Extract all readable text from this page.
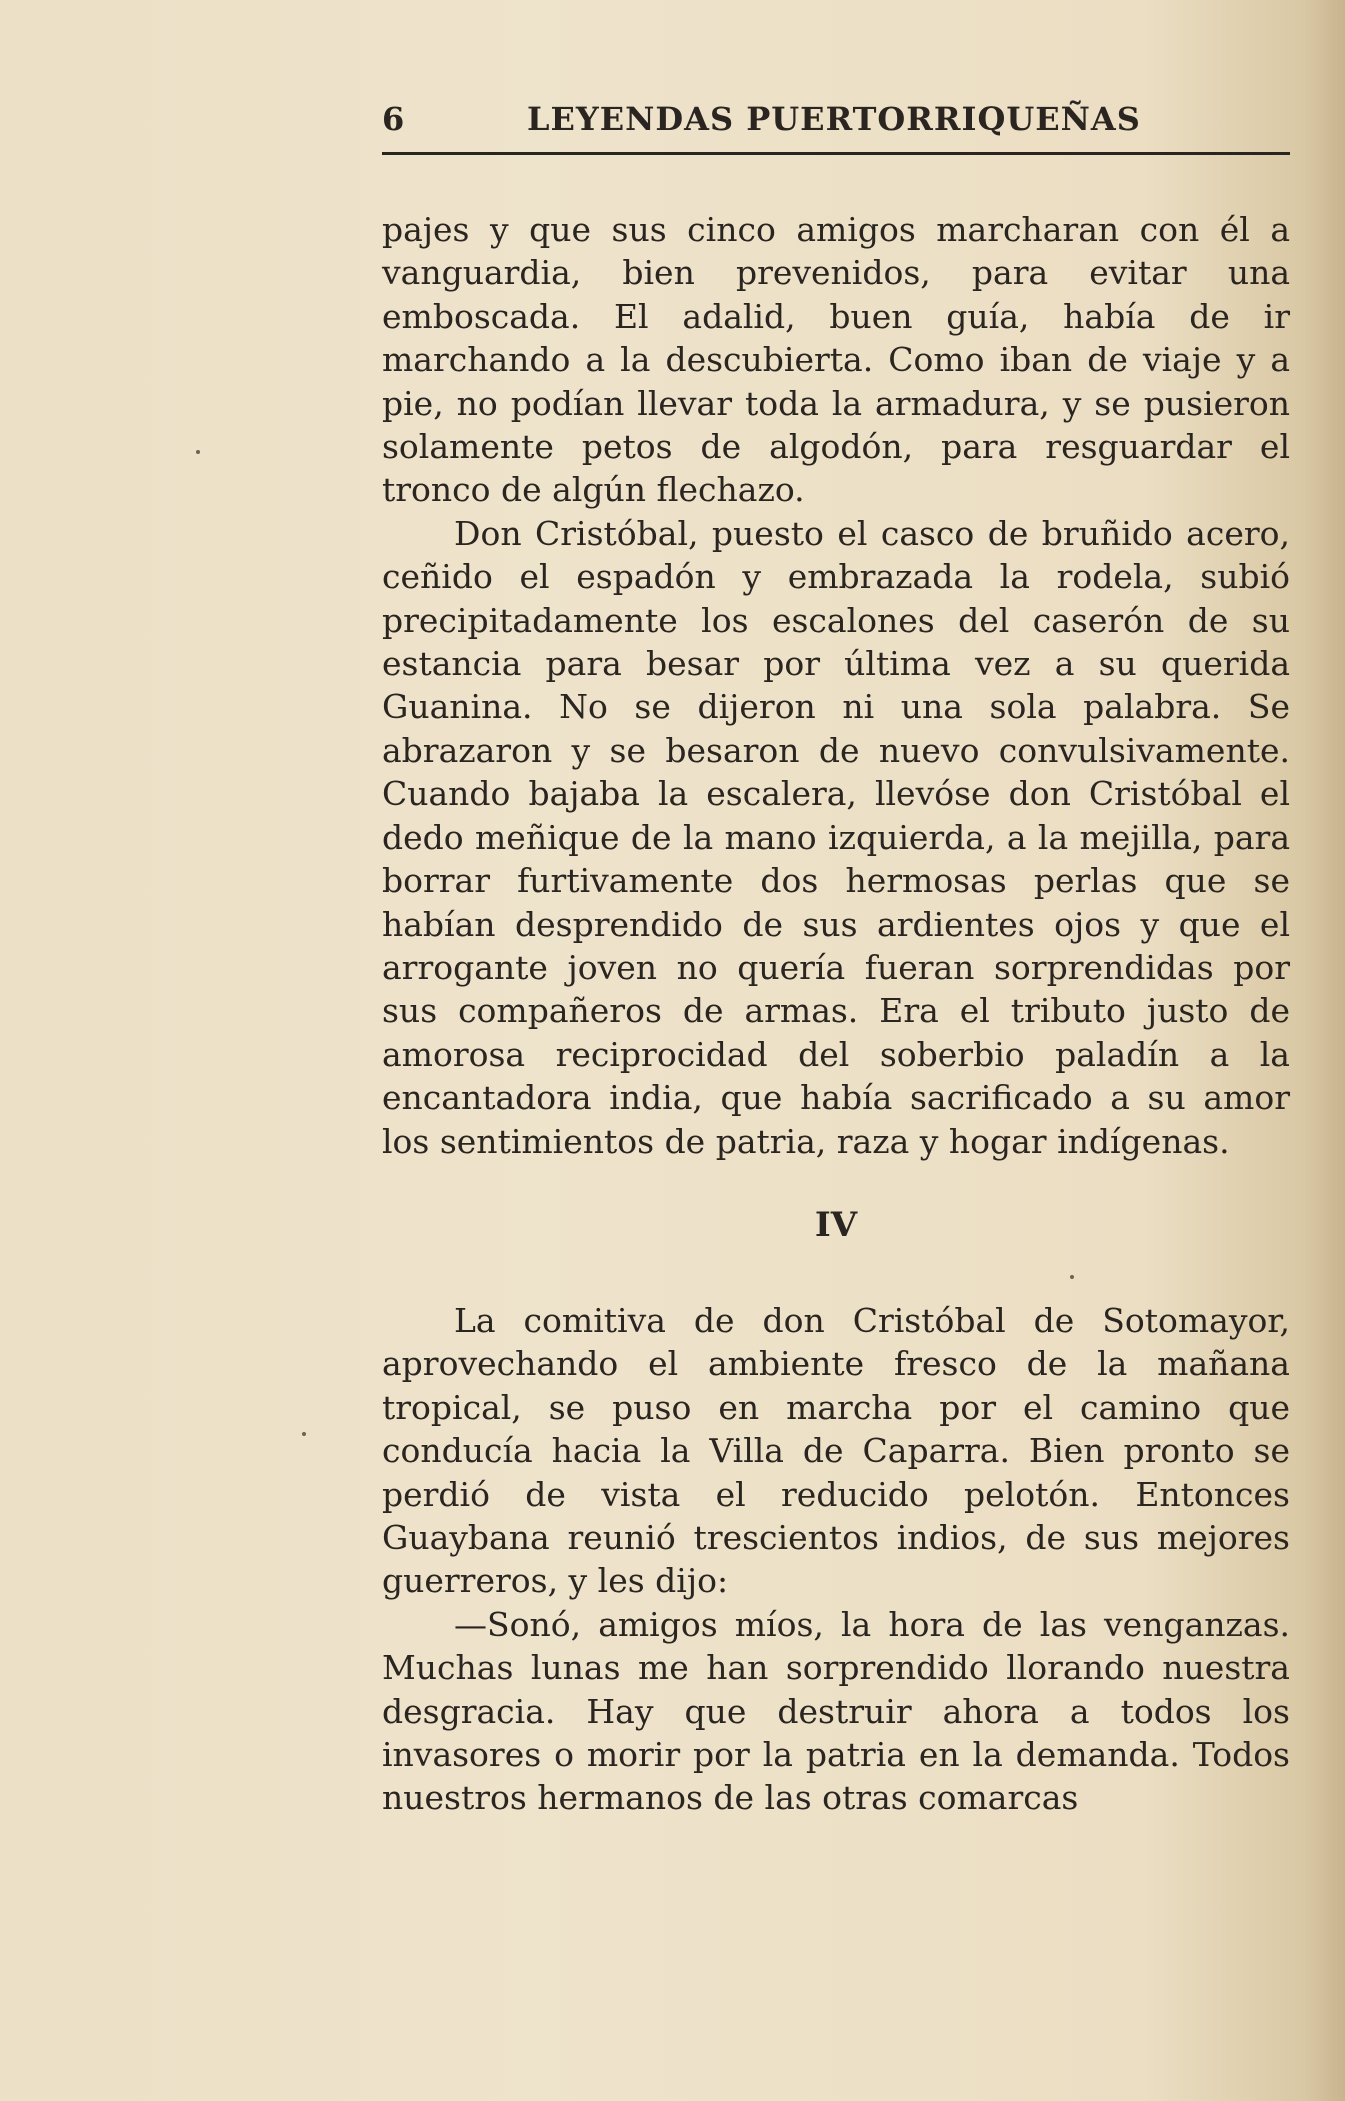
6	LEYENDAS PUERTORRIQUEÑAS

pajes y que sus cinco amigos marcharan con él a vanguardia, bien prevenidos, para evitar una emboscada. El adalid, buen guía, había de ir marchando a la descubierta. Como iban de viaje y a pie, no podían llevar toda la armadura, y se pusieron solamente petos de algodón, para resguardar el tronco de algún flechazo.

Don Cristóbal, puesto el casco de bruñido acero, ceñido el espadón y embrazada la rodela, subió precipitadamente los escalones del caserón de su estancia para besar por última vez a su querida Guanina. No se dijeron ni una sola palabra. Se abrazaron y se besaron de nuevo convulsivamente. Cuando bajaba la escalera, llevóse don Cristóbal el dedo meñique de la mano izquierda, a la mejilla, para borrar furtivamente dos hermosas perlas que se habían desprendido de sus ardientes ojos y que el arrogante joven no quería fueran sorprendidas por sus compañeros de armas. Era el tributo justo de amorosa reciprocidad del soberbio paladín a la encantadora india, que había sacrificado a su amor los sentimientos de patria, raza y hogar indígenas.

IV

La comitiva de don Cristóbal de Sotomayor, aprovechando el ambiente fresco de la mañana tropical, se puso en marcha por el camino que conducía hacia la Villa de Caparra. Bien pronto se perdió de vista el reducido pelotón. Entonces Guaybana reunió trescientos indios, de sus mejores guerreros, y les dijo:

—Sonó, amigos míos, la hora de las venganzas. Muchas lunas me han sorprendido llorando nuestra desgracia. Hay que destruir ahora a todos los invasores o morir por la patria en la demanda. Todos nuestros hermanos de las otras comarcas
